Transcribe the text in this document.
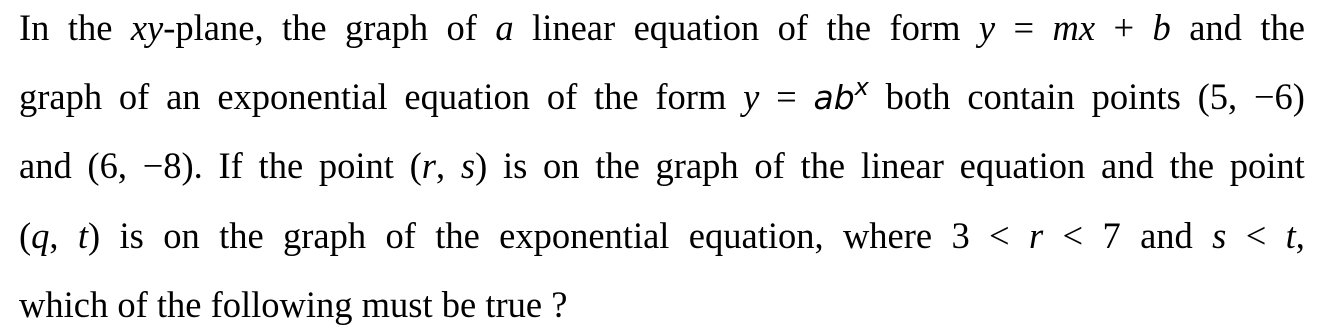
In the xy-plane, the graph of a linear equation of the form y = mx + b and the
graph of an exponential equation of the form $y = ab^x$ both contain points (5, −6)
and (6, −8). If the point (r, s) is on the graph of the linear equation and the point
(q, t) is on the graph of the exponential equation, where 3 < r < 7 and s < t,
which of the following must be true ?
